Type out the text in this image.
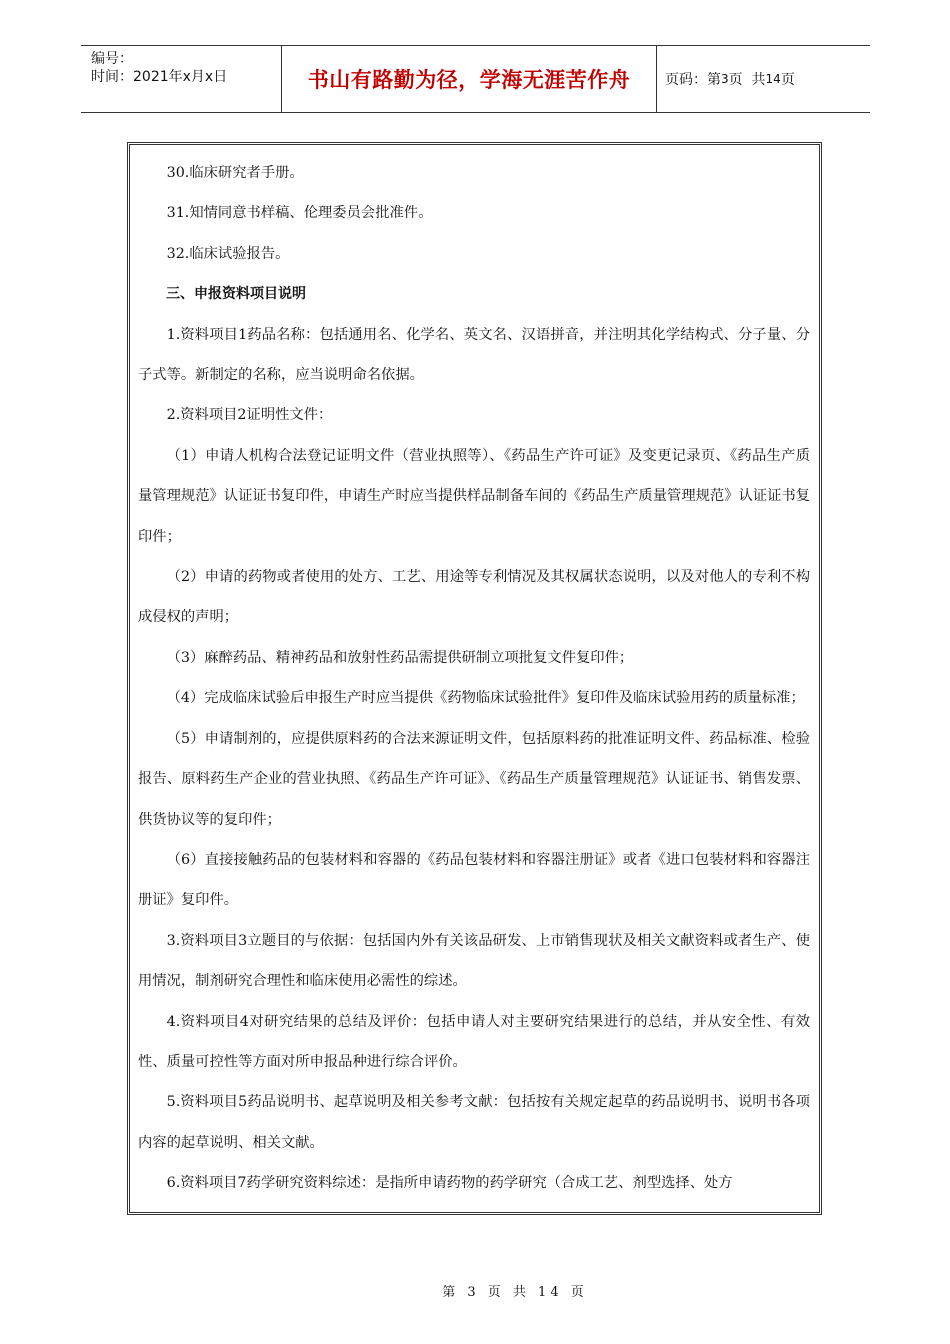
编号：
时间：2021年x月x日	书山有路勤为径，学海无涯苦作舟	页码：第 3 页  共 14 页

30.临床研究者手册。

31.知情同意书样稿、伦理委员会批准件。

32.临床试验报告。

三、申报资料项目说明

1.资料项目1药品名称：包括通用名、化学名、英文名、汉语拼音，并注明其化学结构式、分子量、分子式等。新制定的名称，应当说明命名依据。

2.资料项目2证明性文件：

（1）申请人机构合法登记证明文件（营业执照等）、《药品生产许可证》及变更记录页、《药品生产质量管理规范》认证证书复印件，申请生产时应当提供样品制备车间的《药品生产质量管理规范》认证证书复印件；

（2）申请的药物或者使用的处方、工艺、用途等专利情况及其权属状态说明，以及对他人的专利不构成侵权的声明；

（3）麻醉药品、精神药品和放射性药品需提供研制立项批复文件复印件；

（4）完成临床试验后申报生产时应当提供《药物临床试验批件》复印件及临床试验用药的质量标准；

（5）申请制剂的，应提供原料药的合法来源证明文件，包括原料药的批准证明文件、药品标准、检验报告、原料药生产企业的营业执照、《药品生产许可证》、《药品生产质量管理规范》认证证书、销售发票、供货协议等的复印件；

（6）直接接触药品的包装材料和容器的《药品包装材料和容器注册证》或者《进口包装材料和容器注册证》复印件。

3.资料项目3立题目的与依据：包括国内外有关该品研发、上市销售现状及相关文献资料或者生产、使用情况，制剂研究合理性和临床使用必需性的综述。

4.资料项目4对研究结果的总结及评价：包括申请人对主要研究结果进行的总结，并从安全性、有效性、质量可控性等方面对所申报品种进行综合评价。

5.资料项目5药品说明书、起草说明及相关参考文献：包括按有关规定起草的药品说明书、说明书各项内容的起草说明、相关文献。

6.资料项目7药学研究资料综述：是指所申请药物的药学研究（合成工艺、剂型选择、处方

第 3 页 共 14 页
